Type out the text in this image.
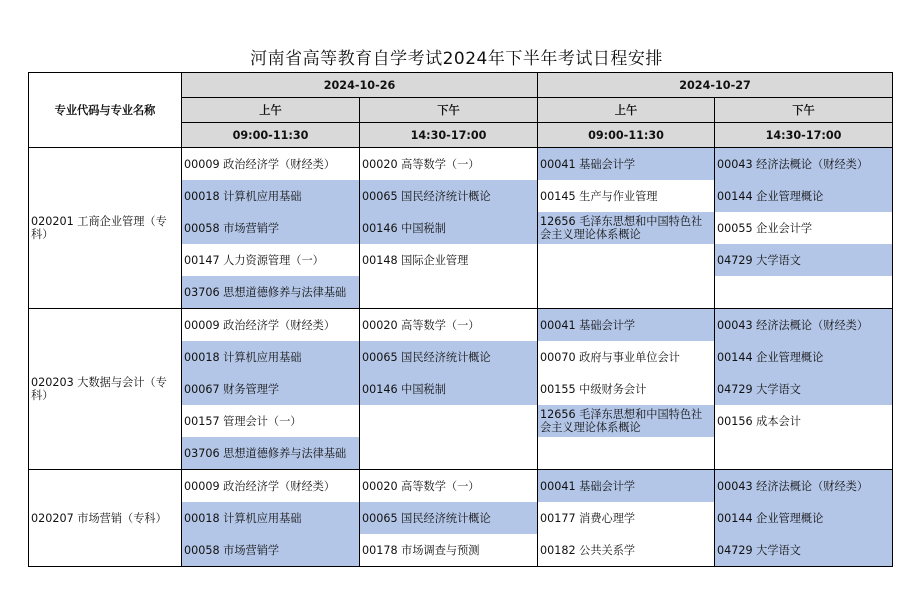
河南省高等教育自学考试2024年下半年考试日程安排
专业代码与专业名称	2024-10-26		2024-10-27	
	上午	下午	上午	下午
	09:00-11:30	14:30-17:00	09:00-11:30	14:30-17:00
020201 工商企业管理（专科）	00009 政治经济学（财经类）	00020 高等数学（一）	00041 基础会计学	00043 经济法概论（财经类）
	00018 计算机应用基础	00065 国民经济统计概论	00145 生产与作业管理	00144 企业管理概论
	00058 市场营销学	00146 中国税制	12656 毛泽东思想和中国特色社会主义理论体系概论	00055 企业会计学
	00147 人力资源管理（一）	00148 国际企业管理		04729 大学语文
	03706 思想道德修养与法律基础			
020203 大数据与会计（专科）	00009 政治经济学（财经类）	00020 高等数学（一）	00041 基础会计学	00043 经济法概论（财经类）
	00018 计算机应用基础	00065 国民经济统计概论	00070 政府与事业单位会计	00144 企业管理概论
	00067 财务管理学	00146 中国税制	00155 中级财务会计	04729 大学语文
	00157 管理会计（一）		12656 毛泽东思想和中国特色社会主义理论体系概论	00156 成本会计
	03706 思想道德修养与法律基础			
020207 市场营销（专科）	00009 政治经济学（财经类）	00020 高等数学（一）	00041 基础会计学	00043 经济法概论（财经类）
	00018 计算机应用基础	00065 国民经济统计概论	00177 消费心理学	00144 企业管理概论
	00058 市场营销学	00178 市场调查与预测	00182 公共关系学	04729 大学语文
